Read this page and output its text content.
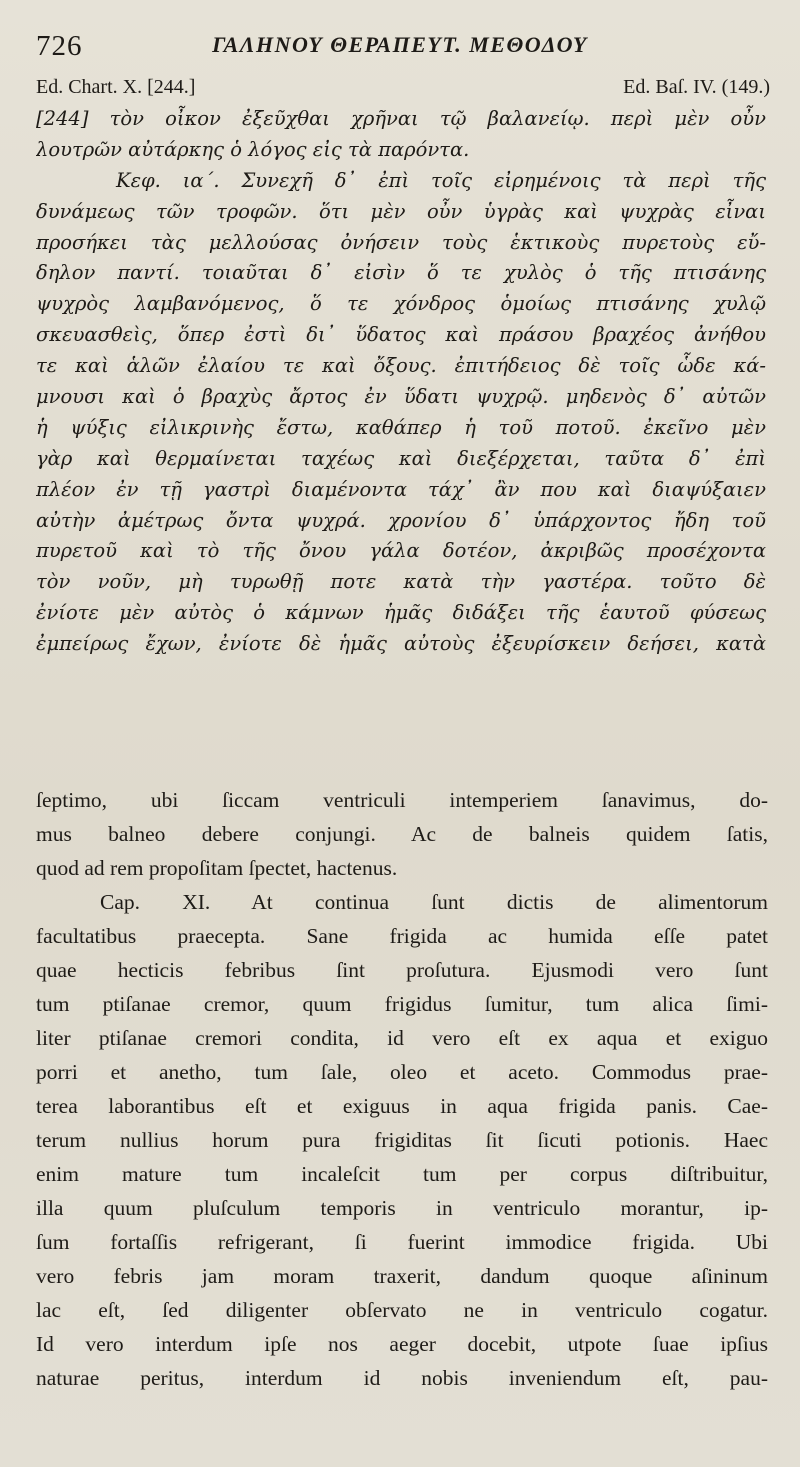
726	ΓΑΛΗΝΟΥ ΘΕΡΑΠΕΥΤ. ΜΕΘΟΔΟΥ
Ed. Chart. X. [244.]	Ed. Baſ. IV. (149.)
[244] τὸν οἶκον ἐξεῦχθαι χρῆναι τῷ βαλανείῳ. περὶ μὲν οὖν
λουτρῶν αὐτάρκης ὁ λόγος εἰς τὰ παρόντα.
Κεφ. ια΄. Συνεχῆ δ᾽ ἐπὶ τοῖς εἰρημένοις τὰ περὶ τῆς
δυνάμεως τῶν τροφῶν. ὅτι μὲν οὖν ὑγρὰς καὶ ψυχρὰς εἶναι
προσήκει τὰς μελλούσας ὀνήσειν τοὺς ἑκτικοὺς πυρετοὺς εὔ-
δηλον παντί. τοιαῦται δ᾽ εἰσὶν ὅ τε χυλὸς ὁ τῆς πτισάνης
ψυχρὸς λαμβανόμενος, ὅ τε χόνδρος ὁμοίως πτισάνης χυλῷ
σκευασθεὶς, ὅπερ ἐστὶ δι᾽ ὕδατος καὶ πράσου βραχέος ἀνήθου
τε καὶ ἁλῶν ἐλαίου τε καὶ ὄξους. ἐπιτήδειος δὲ τοῖς ὧδε κά-
μνουσι καὶ ὁ βραχὺς ἄρτος ἐν ὕδατι ψυχρῷ. μηδενὸς δ᾽ αὐτῶν
ἡ ψύξις εἰλικρινὴς ἔστω, καθάπερ ἡ τοῦ ποτοῦ. ἐκεῖνο μὲν
γὰρ καὶ θερμαίνεται ταχέως καὶ διεξέρχεται, ταῦτα δ᾽ ἐπὶ
πλέον ἐν τῇ γαστρὶ διαμένοντα τάχ᾽ ἂν που καὶ διαψύξαιεν
αὐτὴν ἀμέτρως ὄντα ψυχρά. χρονίου δ᾽ ὑπάρχοντος ἤδη τοῦ
πυρετοῦ καὶ τὸ τῆς ὄνου γάλα δοτέον, ἀκριβῶς προσέχοντα
τὸν νοῦν, μὴ τυρωθῇ ποτε κατὰ τὴν γαστέρα. τοῦτο δὲ
ἐνίοτε μὲν αὐτὸς ὁ κάμνων ἡμᾶς διδάξει τῆς ἑαυτοῦ φύσεως
ἐμπείρως ἔχων, ἐνίοτε δὲ ἡμᾶς αὐτοὺς ἐξευρίσκειν δεήσει, κατὰ
ſeptimo, ubi ſiccam ventriculi intemperiem ſanavimus, do-
mus balneo debere conjungi. Ac de balneis quidem ſatis,
quod ad rem propoſitam ſpectet, hactenus.
Cap. XI. At continua ſunt dictis de alimentorum
facultatibus praecepta. Sane frigida ac humida eſſe patet
quae hecticis febribus ſint proſutura. Ejusmodi vero ſunt
tum ptiſanae cremor, quum frigidus ſumitur, tum alica ſimi-
liter ptiſanae cremori condita, id vero eſt ex aqua et exiguo
porri et anetho, tum ſale, oleo et aceto. Commodus prae-
terea laborantibus eſt et exiguus in aqua frigida panis. Cae-
terum nullius horum pura frigiditas ſit ſicuti potionis. Haec
enim mature tum incaleſcit tum per corpus diſtribuitur,
illa quum pluſculum temporis in ventriculo morantur, ip-
ſum fortaſſis refrigerant, ſi fuerint immodice frigida. Ubi
vero febris jam moram traxerit, dandum quoque aſininum
lac eſt, ſed diligenter obſervato ne in ventriculo cogatur.
Id vero interdum ipſe nos aeger docebit, utpote ſuae ipſius
naturae peritus, interdum id nobis inveniendum eſt, pau-
